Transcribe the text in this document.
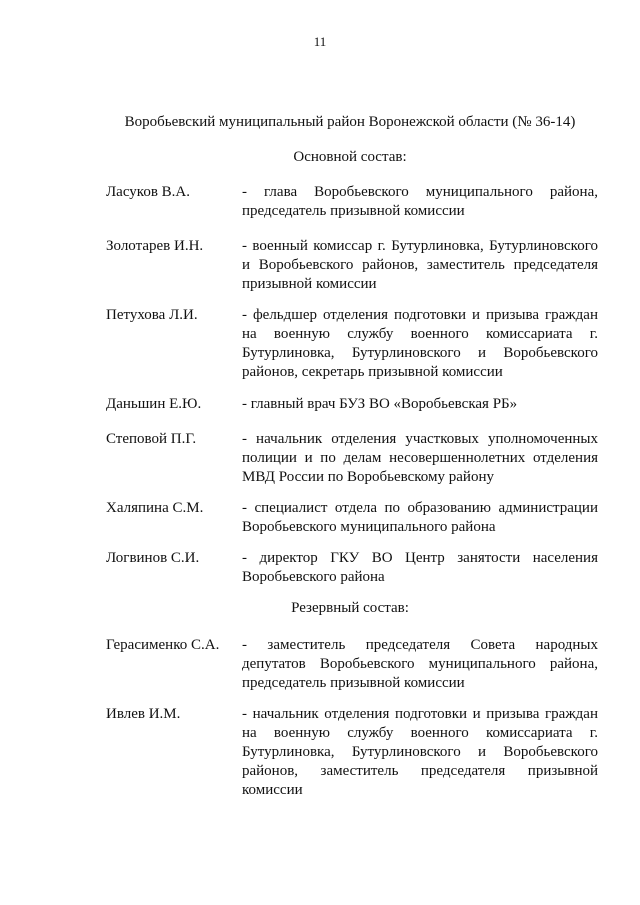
11
Воробьевский муниципальный район Воронежской области (№ 36-14)
Основной состав:
Ласуков В.А.	- глава Воробьевского муниципального района, председатель призывной комиссии
Золотарев И.Н.	- военный комиссар г. Бутурлиновка, Бутурлиновского и Воробьевского районов, заместитель председателя призывной комиссии
Петухова Л.И.	- фельдшер отделения подготовки и призыва граждан на военную службу военного комиссариата г. Бутурлиновка, Бутурлиновского и Воробьевского районов, секретарь призывной комиссии
Даньшин Е.Ю.	- главный врач БУЗ ВО «Воробьевская РБ»
Степовой П.Г.	- начальник отделения участковых уполномоченных полиции и по делам несовершеннолетних отделения МВД России по Воробьевскому району
Халяпина С.М.	- специалист отдела по образованию администрации Воробьевского муниципального района
Логвинов С.И.	- директор ГКУ ВО Центр занятости населения Воробьевского района
Резервный состав:
Герасименко С.А. - заместитель председателя Совета народных депутатов Воробьевского муниципального района, председатель призывной комиссии
Ивлев И.М.	- начальник отделения подготовки и призыва граждан на военную службу военного комиссариата г. Бутурлиновка, Бутурлиновского и Воробьевского районов, заместитель председателя призывной комиссии
